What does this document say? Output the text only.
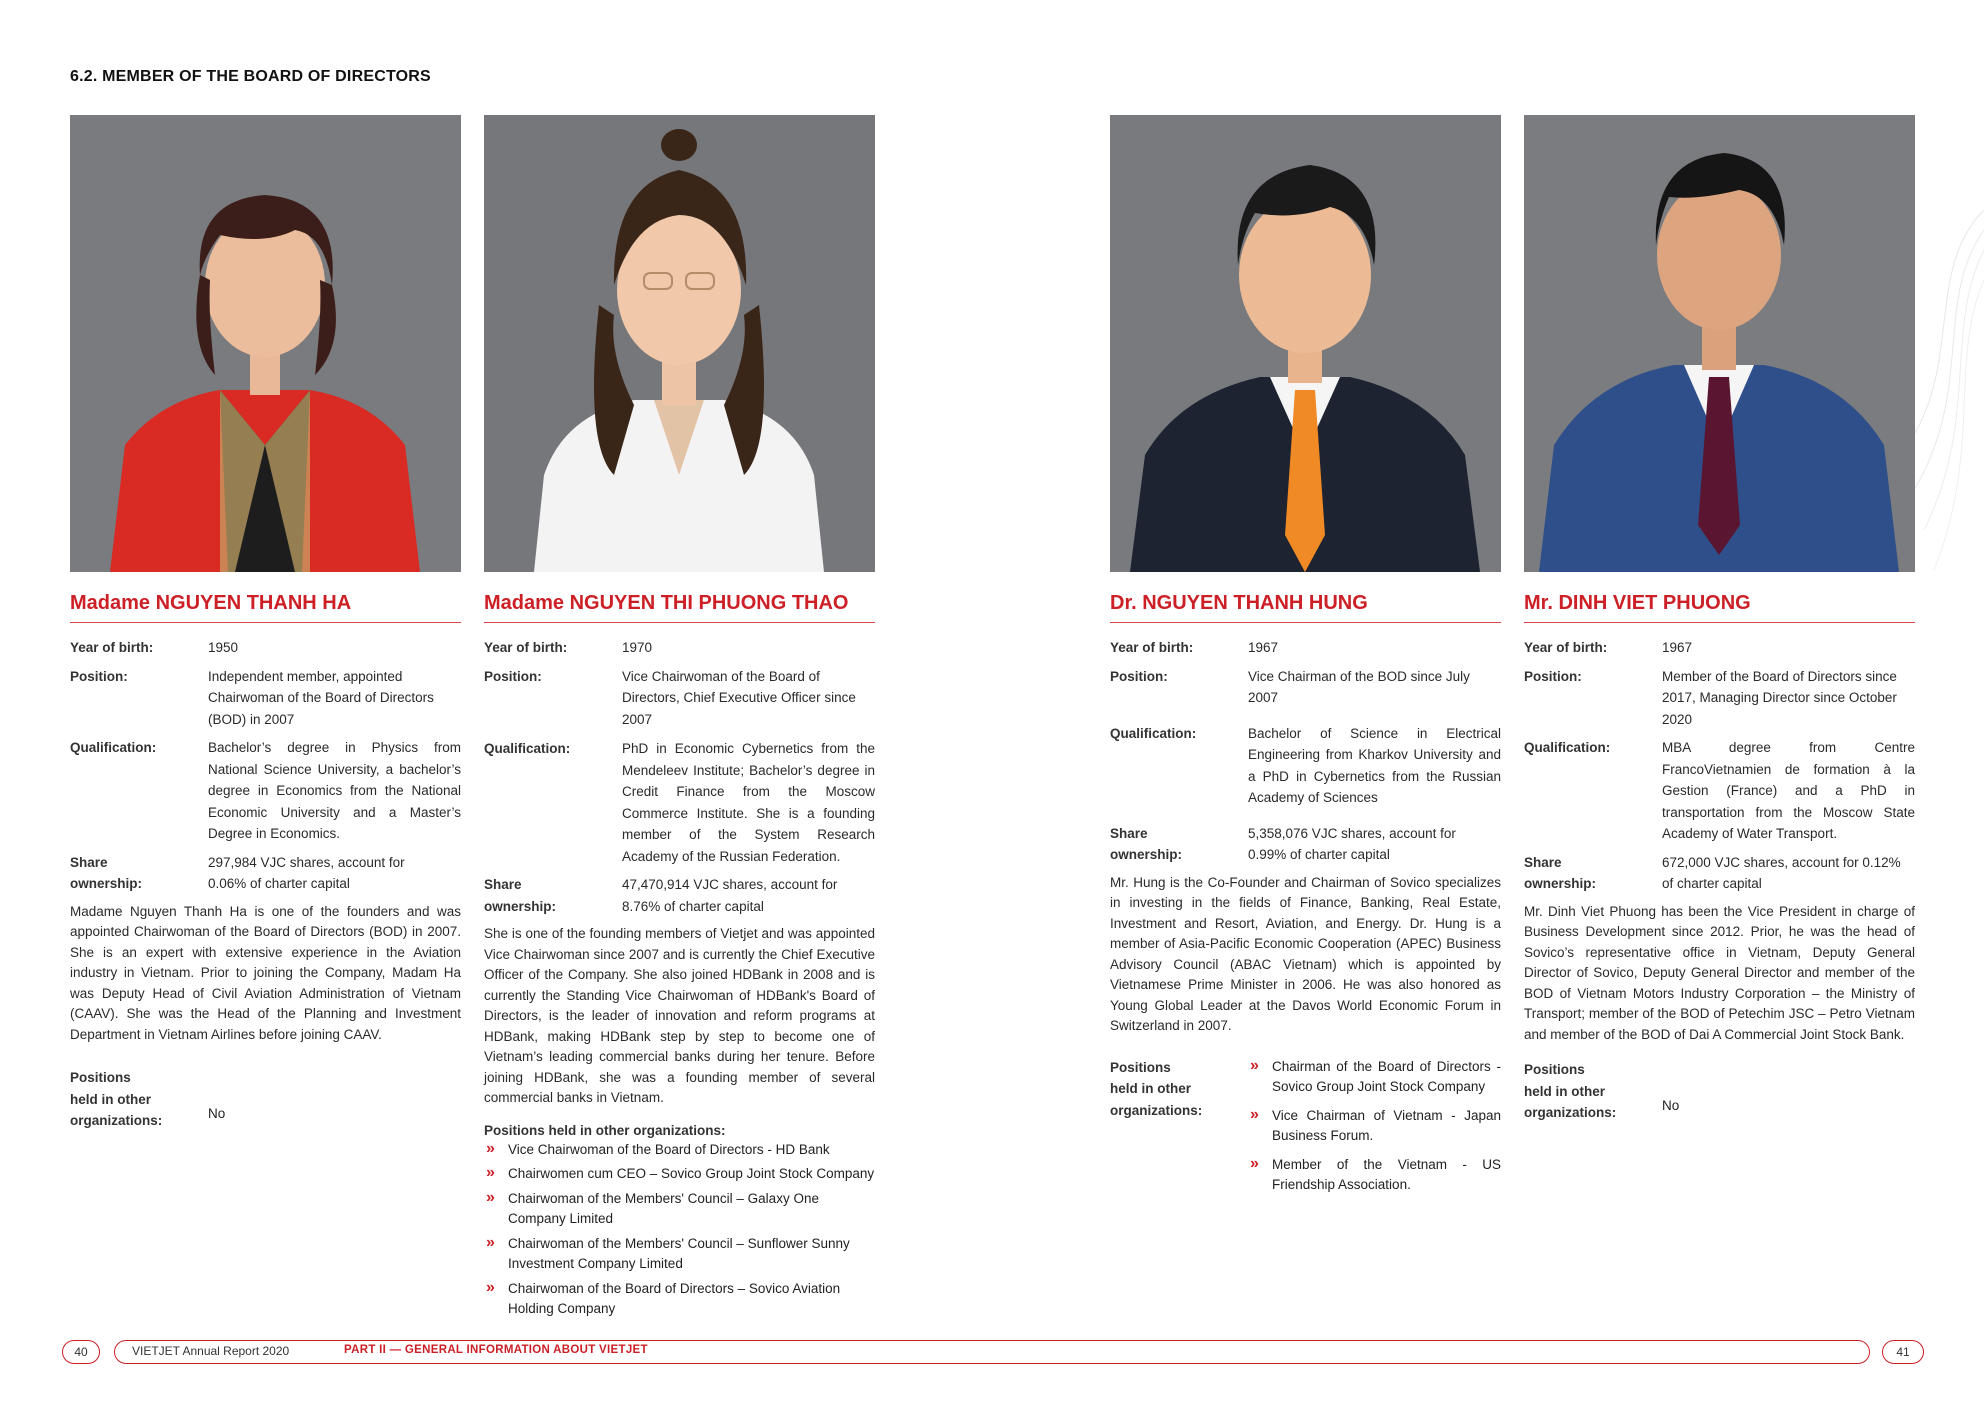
6.2. MEMBER OF THE BOARD OF DIRECTORS
Madame NGUYEN THANH HA
Year of birth:	1950
Position:	Independent member, appointed Chairwoman of the Board of Directors (BOD) in 2007
Qualification:	Bachelor’s degree in Physics from National Science University, a bachelor’s degree in Economics from the National Economic University and a Master’s Degree in Economics.
Share
ownership:
297,984 VJC shares, account for
0.06% of charter capital
Madame Nguyen Thanh Ha is one of the founders and was appointed Chairwoman of the Board of Directors (BOD) in 2007. She is an expert with extensive experience in the Aviation industry in Vietnam. Prior to joining the Company, Madam Ha was Deputy Head of Civil Aviation Administration of Vietnam (CAAV). She was the Head of the Planning and Investment Department in Vietnam Airlines before joining CAAV.
Positions
held in other
organizations:	No
Madame NGUYEN THI PHUONG THAO
Year of birth:	1970
Position:	Vice Chairwoman of the Board of Directors, Chief Executive Officer since 2007
Qualification:	PhD in Economic Cybernetics from the Mendeleev Institute; Bachelor’s degree in Credit Finance from the Moscow Commerce Institute. She is a founding member of the System Research Academy of the Russian Federation.
Share
ownership:
47,470,914 VJC shares, account for
8.76% of charter capital
She is one of the founding members of Vietjet and was appointed Vice Chairwoman since 2007 and is currently the Chief Executive Officer of the Company. She also joined HDBank in 2008 and is currently the Standing Vice Chairwoman of HDBank's Board of Directors, is the leader of innovation and reform programs at HDBank, making HDBank step by step to become one of Vietnam’s leading commercial banks during her tenure. Before joining HDBank, she was a founding member of several commercial banks in Vietnam.
Positions held in other organizations:
» Vice Chairwoman of the Board of Directors - HD Bank
» Chairwomen cum CEO – Sovico Group Joint Stock Company
» Chairwoman of the Members' Council – Galaxy One Company Limited
» Chairwoman of the Members' Council – Sunflower Sunny Investment Company Limited
» Chairwoman of the Board of Directors – Sovico Aviation Holding Company
Dr. NGUYEN THANH HUNG
Year of birth:	1967
Position:	Vice Chairman of the BOD since July 2007
Qualification:	Bachelor of Science in Electrical Engineering from Kharkov University and a PhD in Cybernetics from the Russian Academy of Sciences
Share
ownership:
5,358,076 VJC shares, account for
0.99% of charter capital
Mr. Hung is the Co-Founder and Chairman of Sovico specializes in investing in the fields of Finance, Banking, Real Estate, Investment and Resort, Aviation, and Energy. Dr. Hung is a member of Asia-Pacific Economic Cooperation (APEC) Business Advisory Council (ABAC Vietnam) which is appointed by Vietnamese Prime Minister in 2006. He was also honored as Young Global Leader at the Davos World Economic Forum in Switzerland in 2007.
Positions
held in other
organizations:
» Chairman of the Board of Directors - Sovico Group Joint Stock Company
» Vice Chairman of Vietnam - Japan Business Forum.
» Member of the Vietnam - US Friendship Association.
Mr. DINH VIET PHUONG
Year of birth:	1967
Position:	Member of the Board of Directors since 2017, Managing Director since October 2020
Qualification:	MBA degree from Centre FrancoVietnamien de formation à la Gestion (France) and a PhD in transportation from the Moscow State Academy of Water Transport.
Share
ownership:
672,000 VJC shares, account for 0.12%
of charter capital
Mr. Dinh Viet Phuong has been the Vice President in charge of Business Development since 2012. Prior, he was the head of Sovico’s representative office in Vietnam, Deputy General Director of Sovico, Deputy General Director and member of the BOD of Vietnam Motors Industry Corporation – the Ministry of Transport; member of the BOD of Petechim JSC – Petro Vietnam and member of the BOD of Dai A Commercial Joint Stock Bank.
Positions
held in other
organizations:	No
40	VIETJET Annual Report 2020	PART II — GENERAL INFORMATION ABOUT VIETJET	41
